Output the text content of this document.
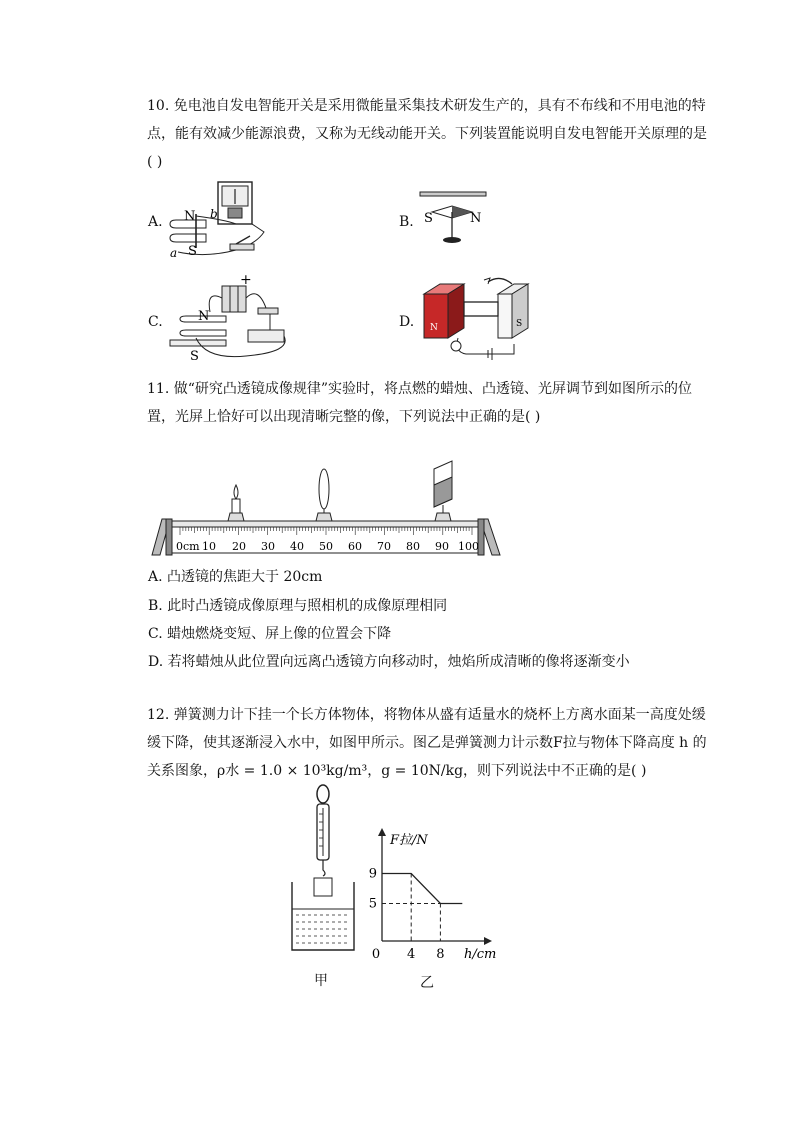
10. 免电池自发电智能开关是采用微能量采集技术研发生产的，具有不布线和不用电池的特点，能有效减少能源浪费，又称为无线动能开关。下列装置能说明自发电智能开关原理的是( )
A. N
S
a
b	B. S	N
C.	N
S
+
D. N	S
11. 做“研究凸透镜成像规律”实验时，将点燃的蜡烛、凸透镜、光屏调节到如图所示的位置，光屏上恰好可以出现清晰完整的像，下列说法中正确的是( )
0cm 10 20 30 40 50 60 70 80 90 100
A. 凸透镜的焦距大于 20cm
B. 此时凸透镜成像原理与照相机的成像原理相同
C. 蜡烛燃烧变短、屏上像的位置会下降
D. 若将蜡烛从此位置向远离凸透镜方向移动时，烛焰所成清晰的像将逐渐变小
12. 弹簧测力计下挂一个长方体物体，将物体从盛有适量水的烧杯上方离水面某一高度处缓缓下降，使其逐渐浸入水中，如图甲所示。图乙是弹簧测力计示数F拉与物体下降高度 h 的关系图象，ρ水 = 1.0 × 10³kg/m³，g = 10N/kg，则下列说法中不正确的是( )
甲
9
5
0 4 8
F拉/N
h/cm
乙
